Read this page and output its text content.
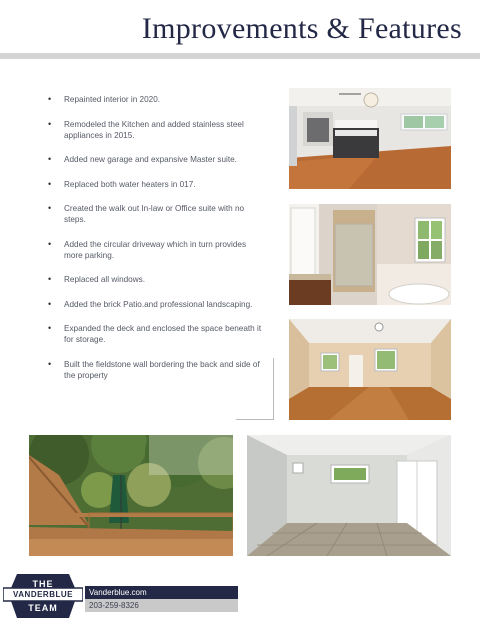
Improvements & Features
• Repainted interior in 2020.
• Remodeled the Kitchen and added stainless steel appliances in 2015.
• Added new garage and expansive Master suite.
• Replaced both water heaters in 017.
• Created the walk out In-law or Office suite with no steps.
• Added the circular driveway which in turn provides more parking.
• Replaced all windows.
• Added the brick Patio.and professional landscaping.
• Expanded the deck and enclosed the space beneath it for storage.
• Built the fieldstone wall bordering the back and side of the property
THE
VANDERBLUE
TEAM
Vanderblue.com
203-259-8326
